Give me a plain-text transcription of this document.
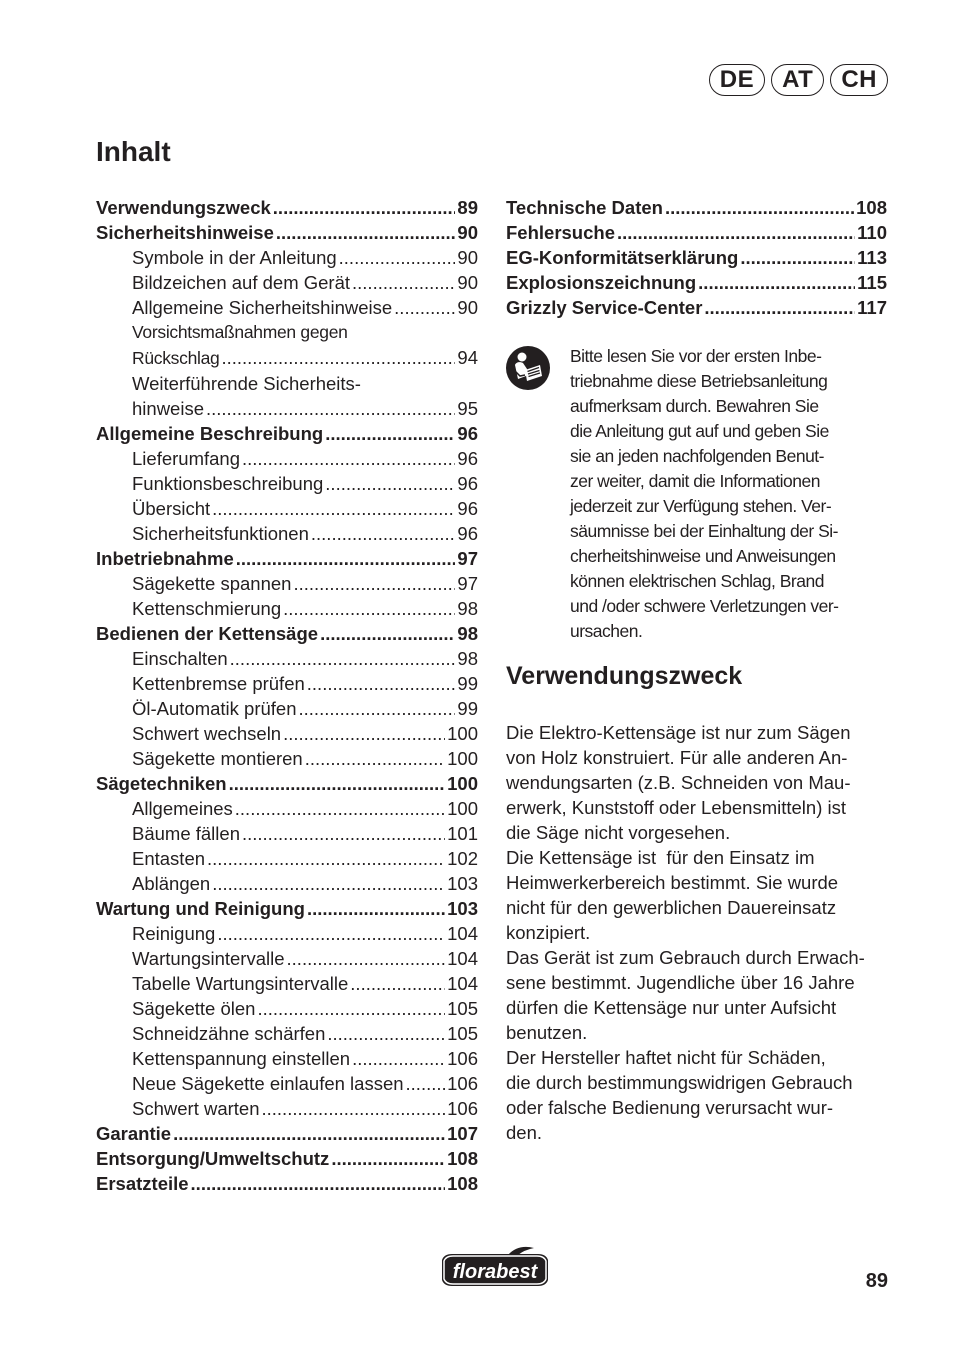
DE	AT	CH
Inhalt
Verwendungszweck .....	89
Sicherheitshinweise .....	90
Symbole in der Anleitung .....	90
Bildzeichen auf dem Gerät .....	90
Allgemeine Sicherheitshinweise .....	90
Vorsichtsmaßnahmen gegen
Rückschlag .....	94
Weiterführende Sicherheits-
hinweise .....	95
Allgemeine Beschreibung .....	96
Lieferumfang .....	96
Funktionsbeschreibung .....	96
Übersicht .....	96
Sicherheitsfunktionen .....	96
Inbetriebnahme .....	97
Sägekette spannen .....	97
Kettenschmierung .....	98
Bedienen der Kettensäge .....	98
Einschalten .....	98
Kettenbremse prüfen .....	99
Öl-Automatik prüfen .....	99
Schwert wechseln .....	100
Sägekette montieren .....	100
Sägetechniken .....	100
Allgemeines .....	100
Bäume fällen .....	101
Entasten .....	102
Ablängen .....	103
Wartung und Reinigung .....	103
Reinigung .....	104
Wartungsintervalle .....	104
Tabelle Wartungsintervalle .....	104
Sägekette ölen .....	105
Schneidzähne schärfen .....	105
Kettenspannung einstellen .....	106
Neue Sägekette einlaufen lassen ..... 106
Schwert warten .....	106
Garantie .....	107
Entsorgung/Umweltschutz .....	108
Ersatzteile .....	108
Technische Daten .....	108
Fehlersuche .....	110
EG-Konformitätserklärung .....	113
Explosionszeichnung .....	115
Grizzly Service-Center .....	117
Bitte lesen Sie vor der ersten Inbe-
triebnahme diese Betriebsanleitung
aufmerksam durch. Bewahren Sie
die Anleitung gut auf und geben Sie
sie an jeden nachfolgenden Benut-
zer weiter, damit die Informationen
jederzeit zur Verfügung stehen. Ver-
säumnisse bei der Einhaltung der Si-
cherheitshinweise und Anweisungen
können elektrischen Schlag, Brand
und /oder schwere Verletzungen ver-
ursachen.
Verwendungszweck

Die Elektro-Kettensäge ist nur zum Sägen

von Holz konstruiert. Für alle anderen An-

wendungsarten (z.B. Schneiden von Mau-

erwerk, Kunststoff oder Lebensmitteln) ist

die Säge nicht vorgesehen.

Die Kettensäge ist  für den Einsatz im

Heimwerkerbereich bestimmt. Sie wurde

nicht für den gewerblichen Dauereinsatz

konzipiert.

Das Gerät ist zum Gebrauch durch Erwach-

sene bestimmt. Jugendliche über 16 Jahre

dürfen die Kettensäge nur unter Aufsicht

benutzen.

Der Hersteller haftet nicht für Schäden,

die durch bestimmungswidrigen Gebrauch

oder falsche Bedienung verursacht wur-

den.

florabest	89
